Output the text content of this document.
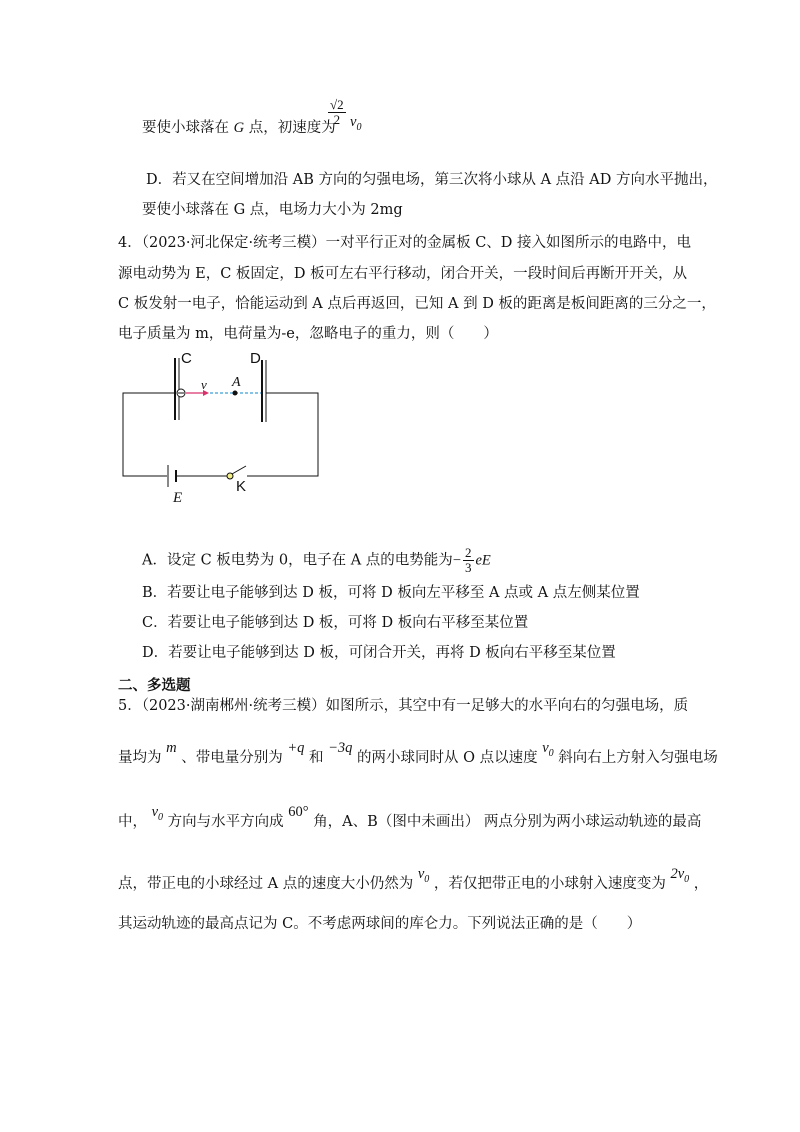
要使小球落在 G 点，初速度为
$\frac{√2}{2} v_0$
D．若又在空间增加沿 AB 方向的匀强电场，第三次将小球从 A 点沿 AD 方向水平抛出，
要使小球落在 G 点，电场力大小为 2mg
4．（2023·河北保定·统考三模）一对平行正对的金属板 C、D 接入如图所示的电路中，电
源电动势为 E，C 板固定，D 板可左右平行移动，闭合开关，一段时间后再断开开关，从
C 板发射一电子，恰能运动到 A 点后再返回，已知 A 到 D 板的距离是板间距离的三分之一，
电子质量为 m，电荷量为-e，忽略电子的重力，则（　　）
C	D
v A
E
K
A．设定 C 板电势为 0，电子在 A 点的电势能为− $\frac{2}{3}$ eE
B．若要让电子能够到达 D 板，可将 D 板向左平移至 A 点或 A 点左侧某位置
C．若要让电子能够到达 D 板，可将 D 板向右平移至某位置
D．若要让电子能够到达 D 板，可闭合开关，再将 D 板向右平移至某位置
二、多选题
5．（2023·湖南郴州·统考三模）如图所示，其空中有一足够大的水平向右的匀强电场，质
量均为 m 、带电量分别为 +q 和 −3q 的两小球同时从 O 点以速度 $v_0$ 斜向右上方射入匀强电场
中， $v_0$ 方向与水平方向成 60° 角，A、B（图中未画出） 两点分别为两小球运动轨迹的最高
点，带正电的小球经过 A 点的速度大小仍然为 $v_0$ ，若仅把带正电的小球射入速度变为 $2v_0$ ，
其运动轨迹的最高点记为 C。不考虑两球间的库仑力。下列说法正确的是（　　）
